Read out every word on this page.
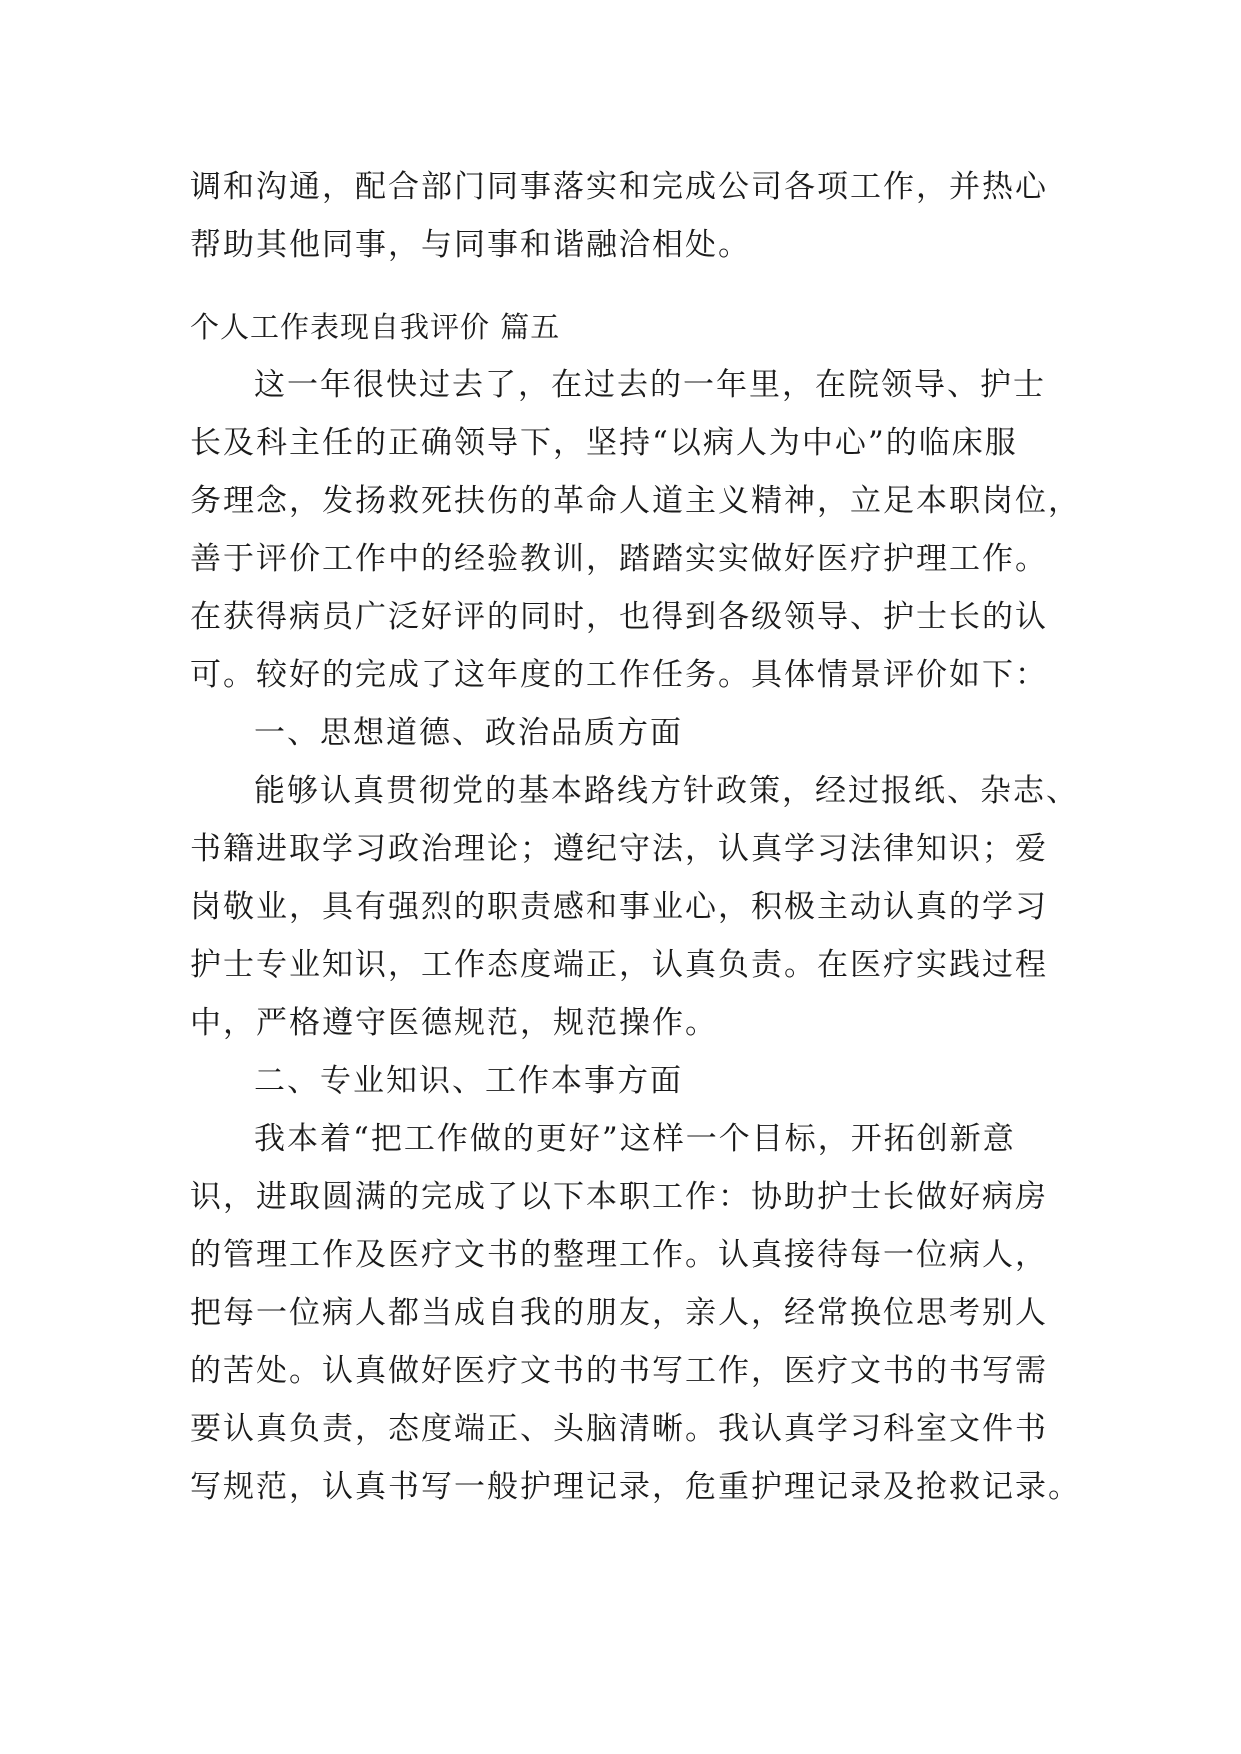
调和沟通，配合部门同事落实和完成公司各项工作，并热心
帮助其他同事，与同事和谐融洽相处。
个人工作表现自我评价 篇五
这一年很快过去了，在过去的一年里，在院领导、护士
长及科主任的正确领导下，坚持“以病人为中心”的临床服
务理念，发扬救死扶伤的革命人道主义精神，立足本职岗位，
善于评价工作中的经验教训，踏踏实实做好医疗护理工作。
在获得病员广泛好评的同时，也得到各级领导、护士长的认
可。较好的完成了这年度的工作任务。具体情景评价如下：
一、思想道德、政治品质方面
能够认真贯彻党的基本路线方针政策，经过报纸、杂志、
书籍进取学习政治理论；遵纪守法，认真学习法律知识；爱
岗敬业，具有强烈的职责感和事业心，积极主动认真的学习
护士专业知识，工作态度端正，认真负责。在医疗实践过程
中，严格遵守医德规范，规范操作。
二、专业知识、工作本事方面
我本着“把工作做的更好”这样一个目标，开拓创新意
识，进取圆满的完成了以下本职工作：协助护士长做好病房
的管理工作及医疗文书的整理工作。认真接待每一位病人，
把每一位病人都当成自我的朋友，亲人，经常换位思考别人
的苦处。认真做好医疗文书的书写工作，医疗文书的书写需
要认真负责，态度端正、头脑清晰。我认真学习科室文件书
写规范，认真书写一般护理记录，危重护理记录及抢救记录。
